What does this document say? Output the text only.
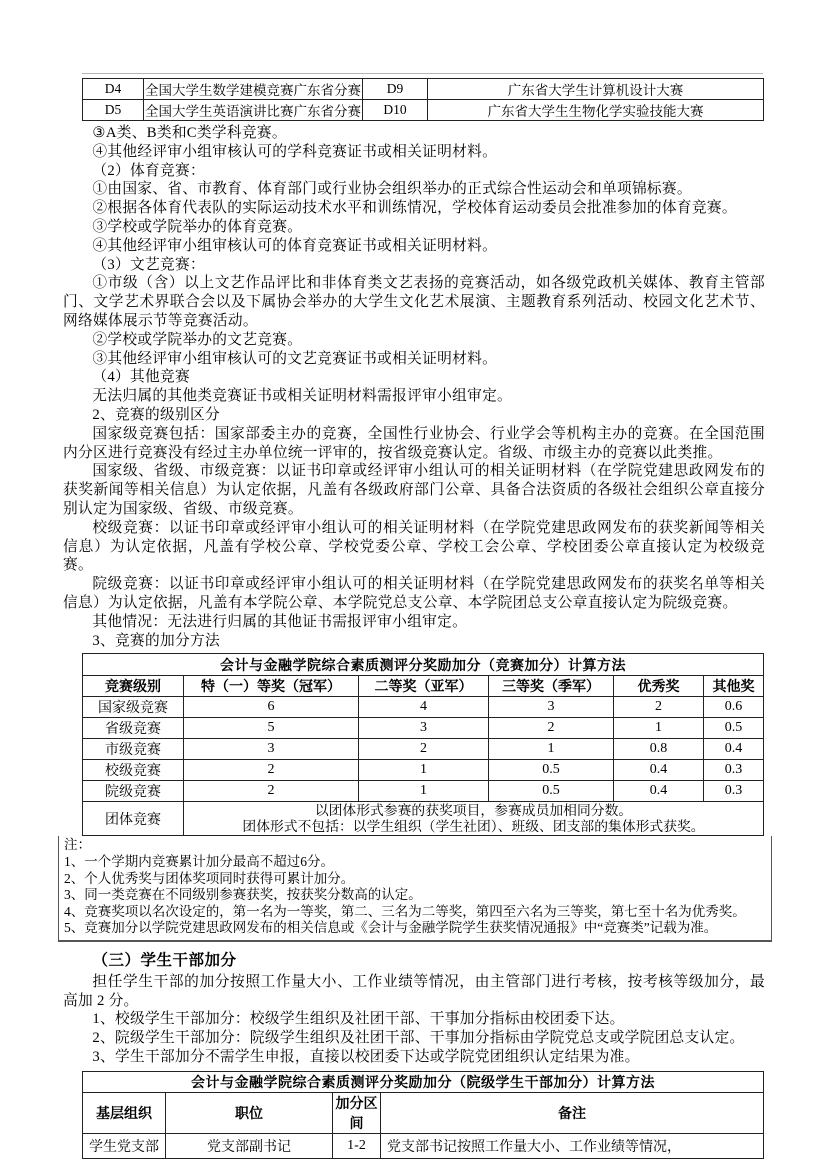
D4	全国大学生数学建模竞赛广东省分赛	D9	广东省大学生计算机设计大赛
D5	全国大学生英语演讲比赛广东省分赛	D10	广东省大学生生物化学实验技能大赛

③A类、B类和C类学科竞赛。

④其他经评审小组审核认可的学科竞赛证书或相关证明材料。

（2）体育竞赛：

①由国家、省、市教育、体育部门或行业协会组织举办的正式综合性运动会和单项锦标赛。

②根据各体育代表队的实际运动技术水平和训练情况，学校体育运动委员会批准参加的体育竞赛。

③学校或学院举办的体育竞赛。

④其他经评审小组审核认可的体育竞赛证书或相关证明材料。

（3）文艺竞赛：

①市级（含）以上文艺作品评比和非体育类文艺表扬的竞赛活动，如各级党政机关媒体、教育主管部门、文学艺术界联合会以及下属协会举办的大学生文化艺术展演、主题教育系列活动、校园文化艺术节、网络媒体展示节等竞赛活动。

②学校或学院举办的文艺竞赛。

③其他经评审小组审核认可的文艺竞赛证书或相关证明材料。

（4）其他竞赛

无法归属的其他类竞赛证书或相关证明材料需报评审小组审定。

2、竞赛的级别区分

国家级竞赛包括：国家部委主办的竞赛，全国性行业协会、行业学会等机构主办的竞赛。在全国范围内分区进行竞赛没有经过主办单位统一评审的，按省级竞赛认定。省级、市级主办的竞赛以此类推。

国家级、省级、市级竞赛：以证书印章或经评审小组认可的相关证明材料（在学院党建思政网发布的获奖新闻等相关信息）为认定依据，凡盖有各级政府部门公章、具备合法资质的各级社会组织公章直接分别认定为国家级、省级、市级竞赛。

校级竞赛：以证书印章或经评审小组认可的相关证明材料（在学院党建思政网发布的获奖新闻等相关信息）为认定依据，凡盖有学校公章、学校党委公章、学校工会公章、学校团委公章直接认定为校级竞赛。

院级竞赛：以证书印章或经评审小组认可的相关证明材料（在学院党建思政网发布的获奖名单等相关信息）为认定依据，凡盖有本学院公章、本学院党总支公章、本学院团总支公章直接认定为院级竞赛。

其他情况：无法进行归属的其他证书需报评审小组审定。

3、竞赛的加分方法

会计与金融学院综合素质测评分奖励加分（竞赛加分）计算方法					
竞赛级别	特（一）等奖（冠军）	二等奖（亚军）	三等奖（季军）	优秀奖	其他奖
国家级竞赛	6	4	3	2	0.6
省级竞赛	5	3	2	1	0.5
市级竞赛	3	2	1	0.8	0.4
校级竞赛	2	1	0.5	0.4	0.3
院级竞赛	2	1	0.5	0.4	0.3
团体竞赛	以团体形式参赛的获奖项目，参赛成员加相同分数。
团体形式不包括：以学生组织（学生社团）、班级、团支部的集体形式获奖。				

注：

1、一个学期内竞赛累计加分最高不超过6分。

2、个人优秀奖与团体奖项同时获得可累计加分。

3、同一类竞赛在不同级别参赛获奖，按获奖分数高的认定。

4、竞赛奖项以名次设定的，第一名为一等奖，第二、三名为二等奖，第四至六名为三等奖，第七至十名为优秀奖。

5、竞赛加分以学院党建思政网发布的相关信息或《会计与金融学院学生获奖情况通报》中“竞赛类”记载为准。

（三）学生干部加分

担任学生干部的加分按照工作量大小、工作业绩等情况，由主管部门进行考核，按考核等级加分，最高加 2 分。

1、校级学生干部加分：校级学生组织及社团干部、干事加分指标由校团委下达。

2、院级学生干部加分：院级学生组织及社团干部、干事加分指标由学院党总支或学院团总支认定。

3、学生干部加分不需学生申报，直接以校团委下达或学院党团组织认定结果为准。

会计与金融学院综合素质测评分奖励加分（院级学生干部加分）计算方法			
基层组织	职位	加分区间	备注
学生党支部	党支部副书记	1-2	党支部书记按照工作量大小、工作业绩等情况，
